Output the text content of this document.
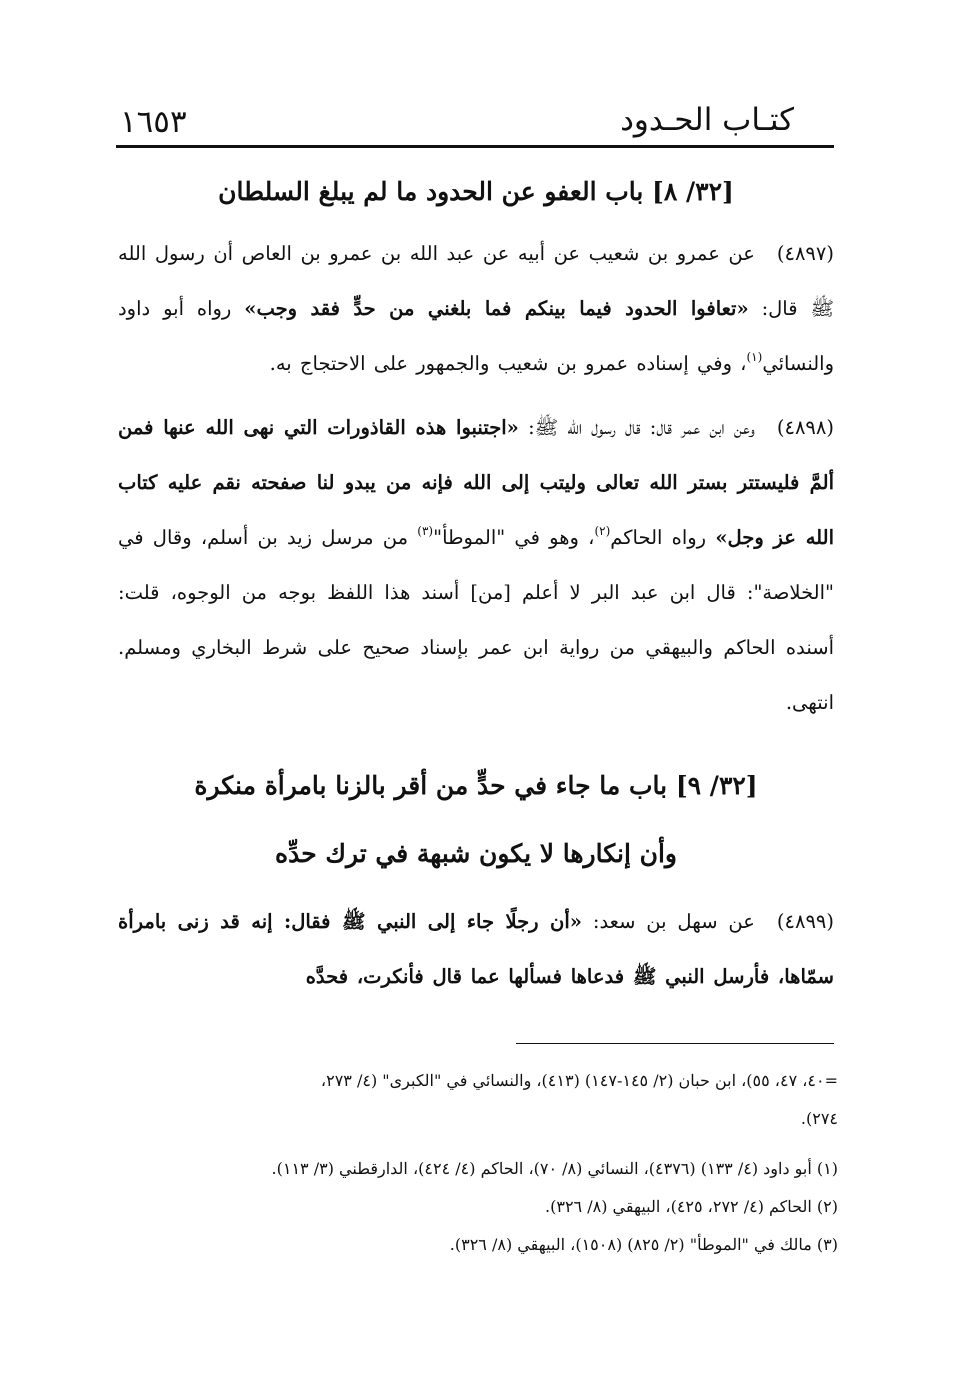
كتـاب الحـدود
١٦٥٣
[٣٢/ ٨] باب العفو عن الحدود ما لم يبلغ السلطان
(٤٨٩٧)عن عمرو بن شعيب عن أبيه عن عبد الله بن عمرو بن العاص أن رسول الله ﷺ قال: «تعافوا الحدود فيما بينكم فما بلغني من حدٍّ فقد وجب» رواه أبو داود والنسائي$^{(١)}$، وفي إسناده عمرو بن شعيب والجمهور على الاحتجاج به.
(٤٨٩٨)وعن ابن عمر قال: قال رسول الله ﷺ: «اجتنبوا هذه القاذورات التي نهى الله عنها فمن ألمَّ فليستتر بستر الله تعالى وليتب إلى الله فإنه من يبدو لنا صفحته نقم عليه كتاب الله عز وجل» رواه الحاكم$^{(٢)}$، وهو في "الموطأ"$^{(٣)}$ من مرسل زيد بن أسلم، وقال في "الخلاصة": قال ابن عبد البر لا أعلم [من] أسند هذا اللفظ بوجه من الوجوه، قلت: أسنده الحاكم والبيهقي من رواية ابن عمر بإسناد صحيح على شرط البخاري ومسلم. انتهى.
[٣٢/ ٩] باب ما جاء في حدٍّ من أقر بالزنا بامرأة منكرة
وأن إنكارها لا يكون شبهة في ترك حدِّه
(٤٨٩٩)عن سهل بن سعد: «أن رجلًا جاء إلى النبي ﷺ فقال: إنه قد زنى بامرأة سمّاها، فأرسل النبي ﷺ فدعاها فسألها عما قال فأنكرت، فحدَّه
=٤٠، ٤٧، ٥٥)، ابن حبان (٢/ ١٤٥-١٤٧) (٤١٣)، والنسائي في "الكبرى" (٤/ ٢٧٣،
٢٧٤).
(١) أبو داود (٤/ ١٣٣) (٤٣٧٦)، النسائي (٨/ ٧٠)، الحاكم (٤/ ٤٢٤)، الدارقطني (٣/ ١١٣).
(٢) الحاكم (٤/ ٢٧٢، ٤٢٥)، البيهقي (٨/ ٣٢٦).
(٣) مالك في "الموطأ" (٢/ ٨٢٥) (١٥٠٨)، البيهقي (٨/ ٣٢٦).
